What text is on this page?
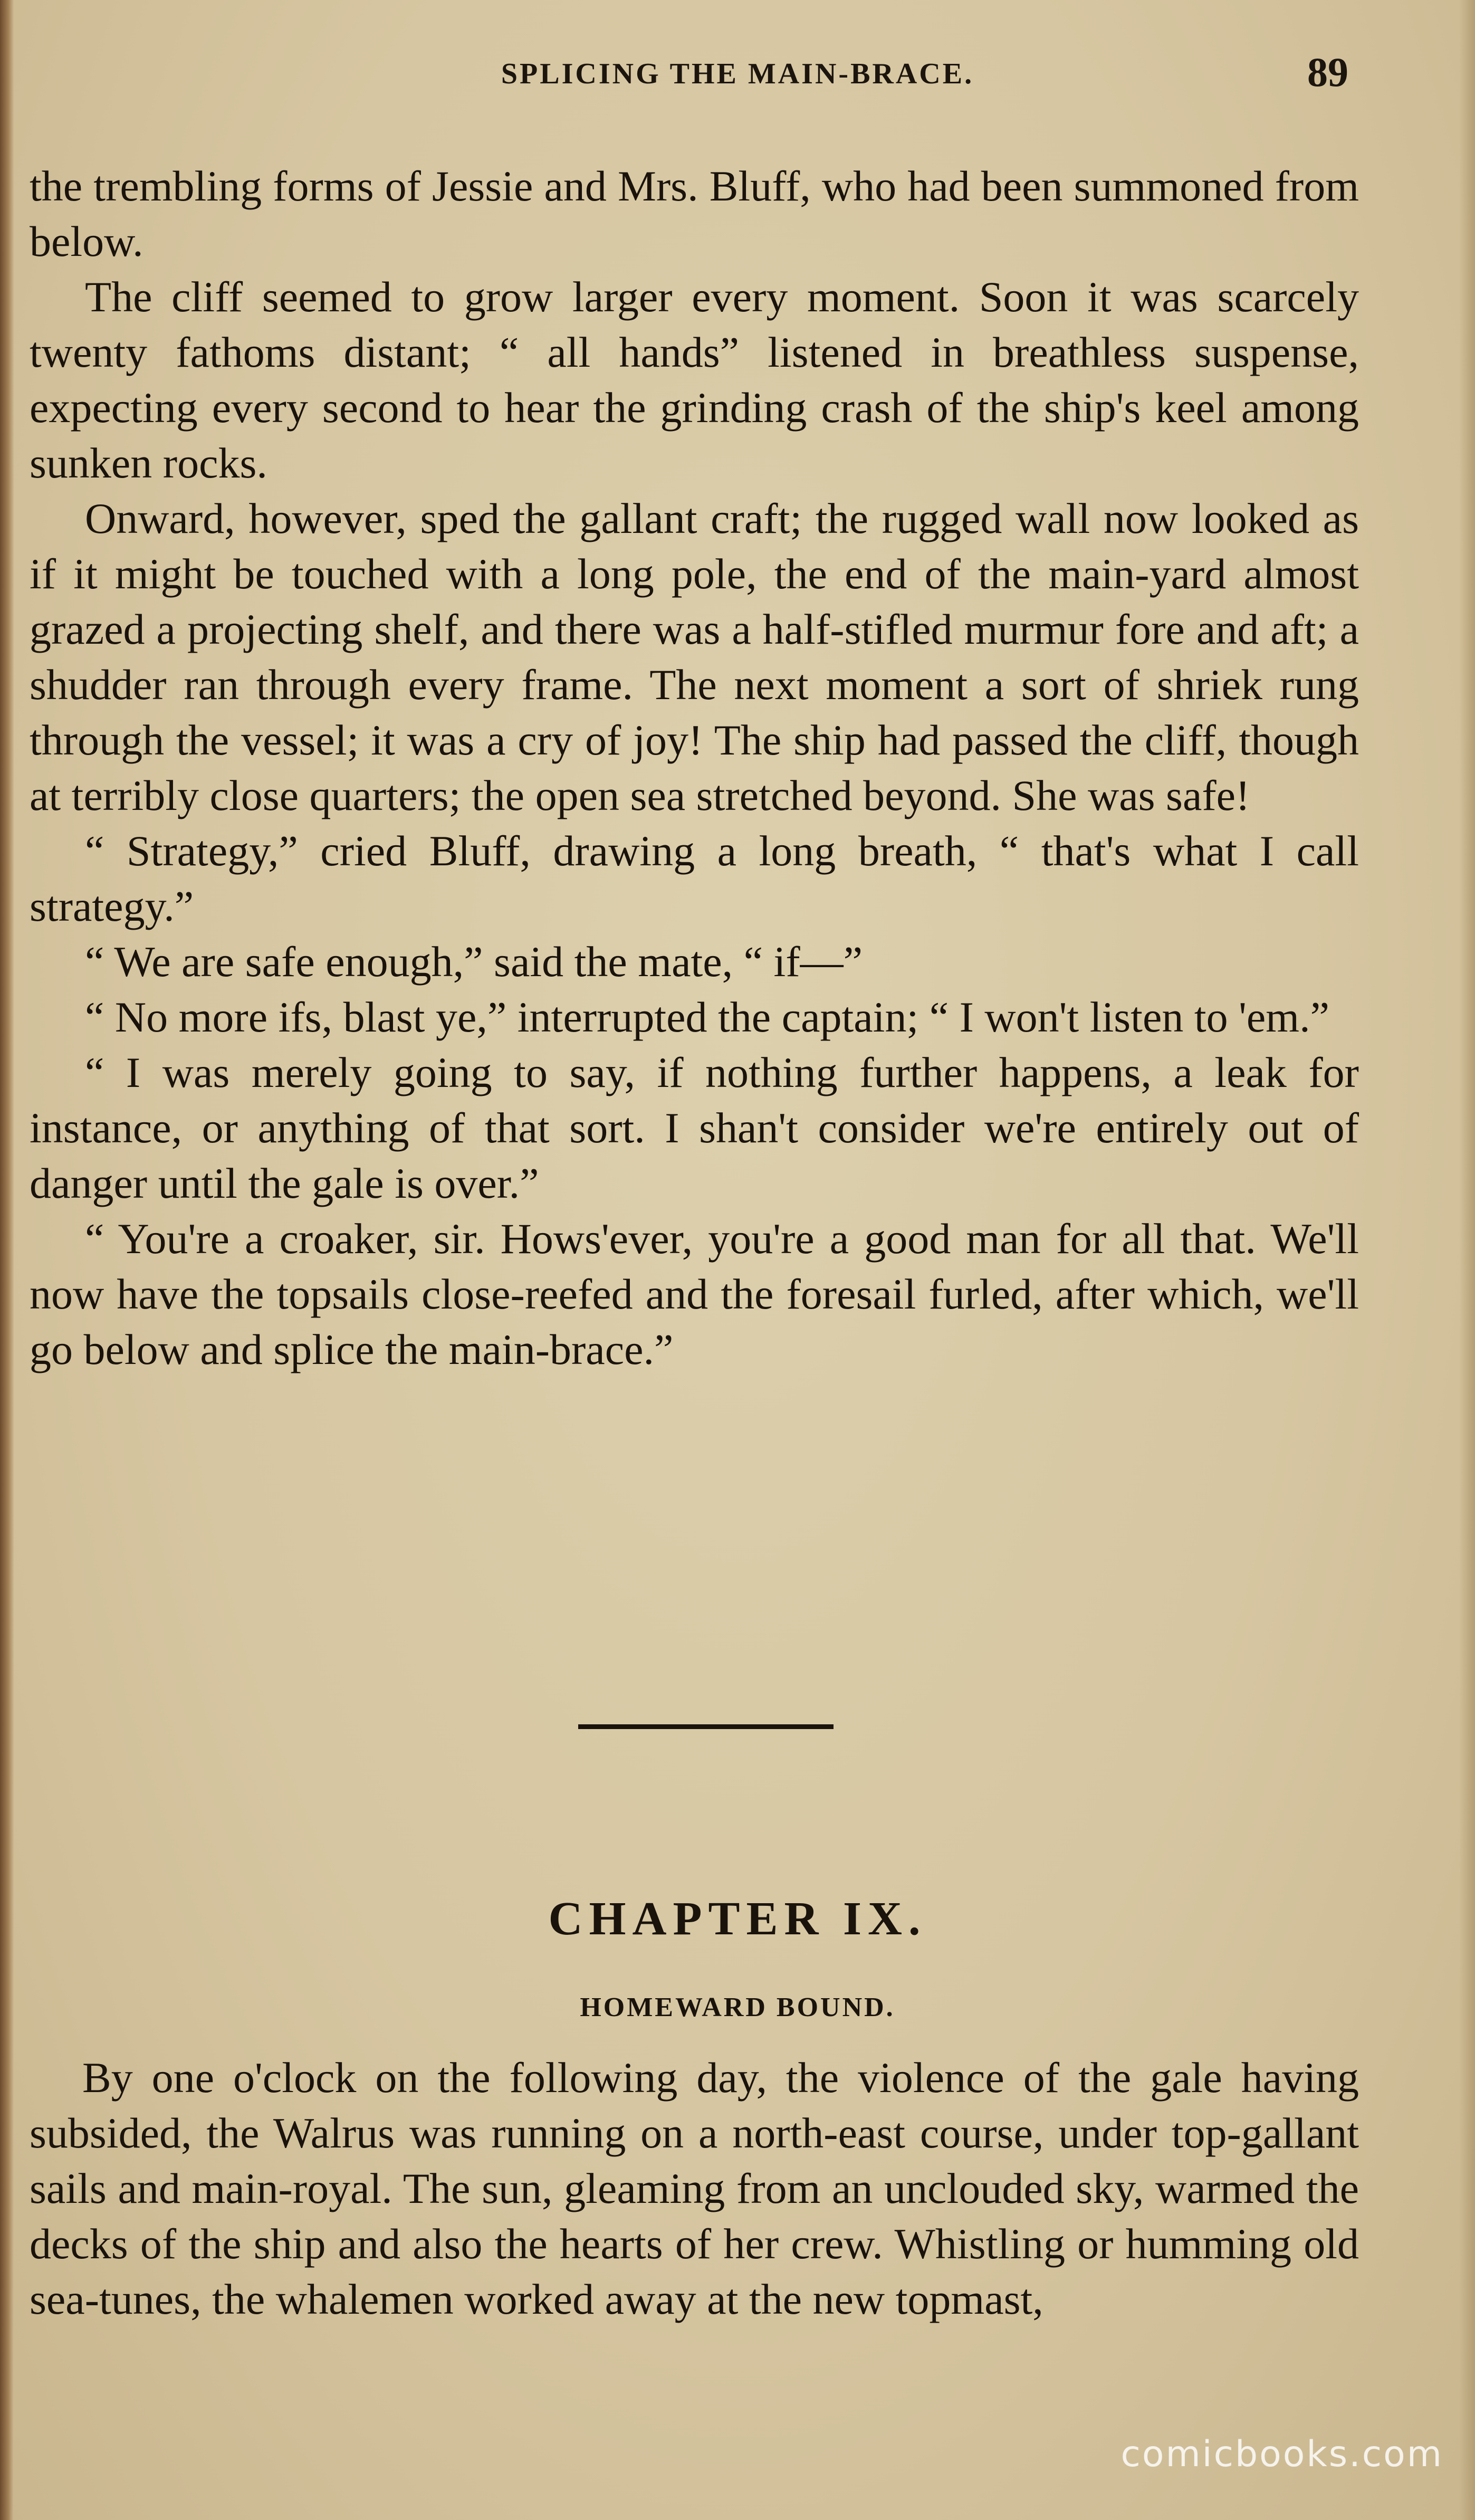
SPLICING THE MAIN-BRACE.	89

the trembling forms of Jessie and Mrs. Bluff, who had been summoned from below.

The cliff seemed to grow larger every moment. Soon it was scarcely twenty fathoms distant; “ all hands” listened in breathless suspense, expecting every second to hear the grinding crash of the ship's keel among sunken rocks.

Onward, however, sped the gallant craft; the rugged wall now looked as if it might be touched with a long pole, the end of the main-yard almost grazed a projecting shelf, and there was a half-stifled murmur fore and aft; a shudder ran through every frame. The next moment a sort of shriek rung through the vessel; it was a cry of joy! The ship had passed the cliff, though at terribly close quarters; the open sea stretched beyond. She was safe!

“ Strategy,” cried Bluff, drawing a long breath, “ that's what I call strategy.”

“ We are safe enough,” said the mate, “ if—”

“ No more ifs, blast ye,” interrupted the captain; “ I won't listen to 'em.”

“ I was merely going to say, if nothing further happens, a leak for instance, or anything of that sort. I shan't consider we're entirely out of danger until the gale is over.”

“ You're a croaker, sir. Hows'ever, you're a good man for all that. We'll now have the topsails close-reefed and the foresail furled, after which, we'll go below and splice the main-brace.”

CHAPTER IX.
HOMEWARD BOUND.

By one o'clock on the following day, the violence of the gale having subsided, the Walrus was running on a north-east course, under top-gallant sails and main-royal. The sun, gleaming from an unclouded sky, warmed the decks of the ship and also the hearts of her crew. Whistling or humming old sea-tunes, the whalemen worked away at the new topmast,

comicbooks.com
